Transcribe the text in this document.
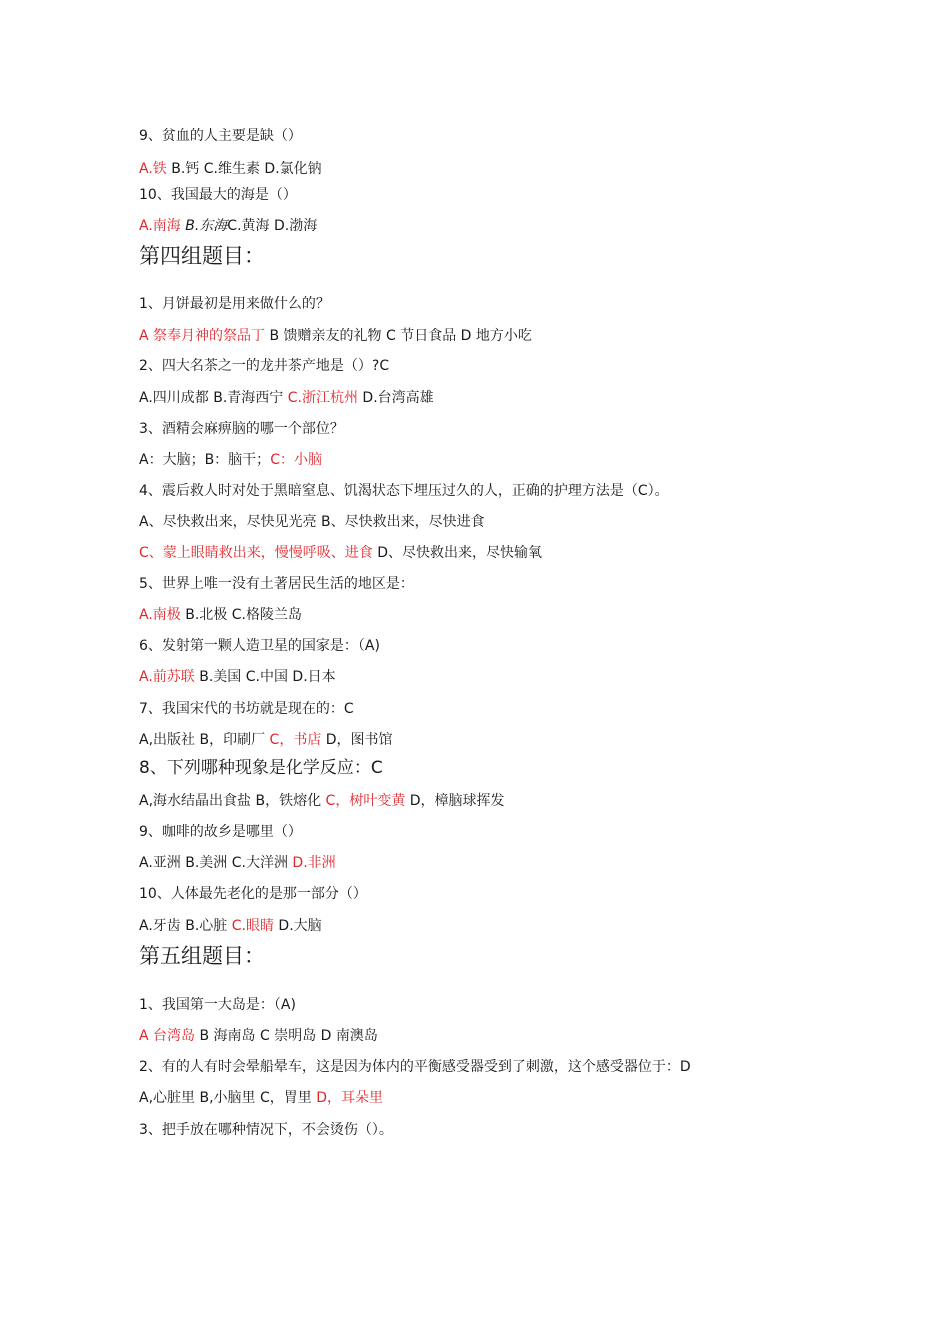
9、贫血的人主要是缺（）
A.铁 B.钙 C.维生素 D.氯化钠
10、我国最大的海是（）
A.南海 B.东海C.黄海 D.渤海
第四组题目：
1、月饼最初是用来做什么的？
A 祭奉月神的祭品丁 B 馈赠亲友的礼物 C 节日食品 D 地方小吃
2、四大名茶之一的龙井茶产地是（）?C
A.四川成都 B.青海西宁 C.浙江杭州 D.台湾高雄
3、酒精会麻痹脑的哪一个部位？
A：大脑；B：脑干；C：小脑
4、震后救人时对处于黑暗窒息、饥渴状态下埋压过久的人，正确的护理方法是（C）。
A、尽快救出来，尽快见光亮 B、尽快救出来，尽快进食
C、蒙上眼睛救出来，慢慢呼吸、进食 D、尽快救出来，尽快输氧
5、世界上唯一没有土著居民生活的地区是：
A.南极 B.北极 C.格陵兰岛
6、发射第一颗人造卫星的国家是：（A)
A.前苏联 B.美国 C.中国 D.日本
7、我国宋代的书坊就是现在的：C
A,出版社 B，印刷厂 C，书店 D，图书馆
8、下列哪种现象是化学反应：C
A,海水结晶出食盐 B，铁熔化 C，树叶变黄 D，樟脑球挥发
9、咖啡的故乡是哪里（）
A.亚洲 B.美洲 C.大洋洲 D.非洲
10、人体最先老化的是那一部分（）
A.牙齿 B.心脏 C.眼睛 D.大脑
第五组题目：
1、我国第一大岛是：（A)
A 台湾岛 B 海南岛 C 崇明岛 D 南澳岛
2、有的人有时会晕船晕车，这是因为体内的平衡感受器受到了刺激，这个感受器位于：D
A,心脏里 B,小脑里 C，胃里 D，耳朵里
3、把手放在哪种情况下，不会烫伤（）。
